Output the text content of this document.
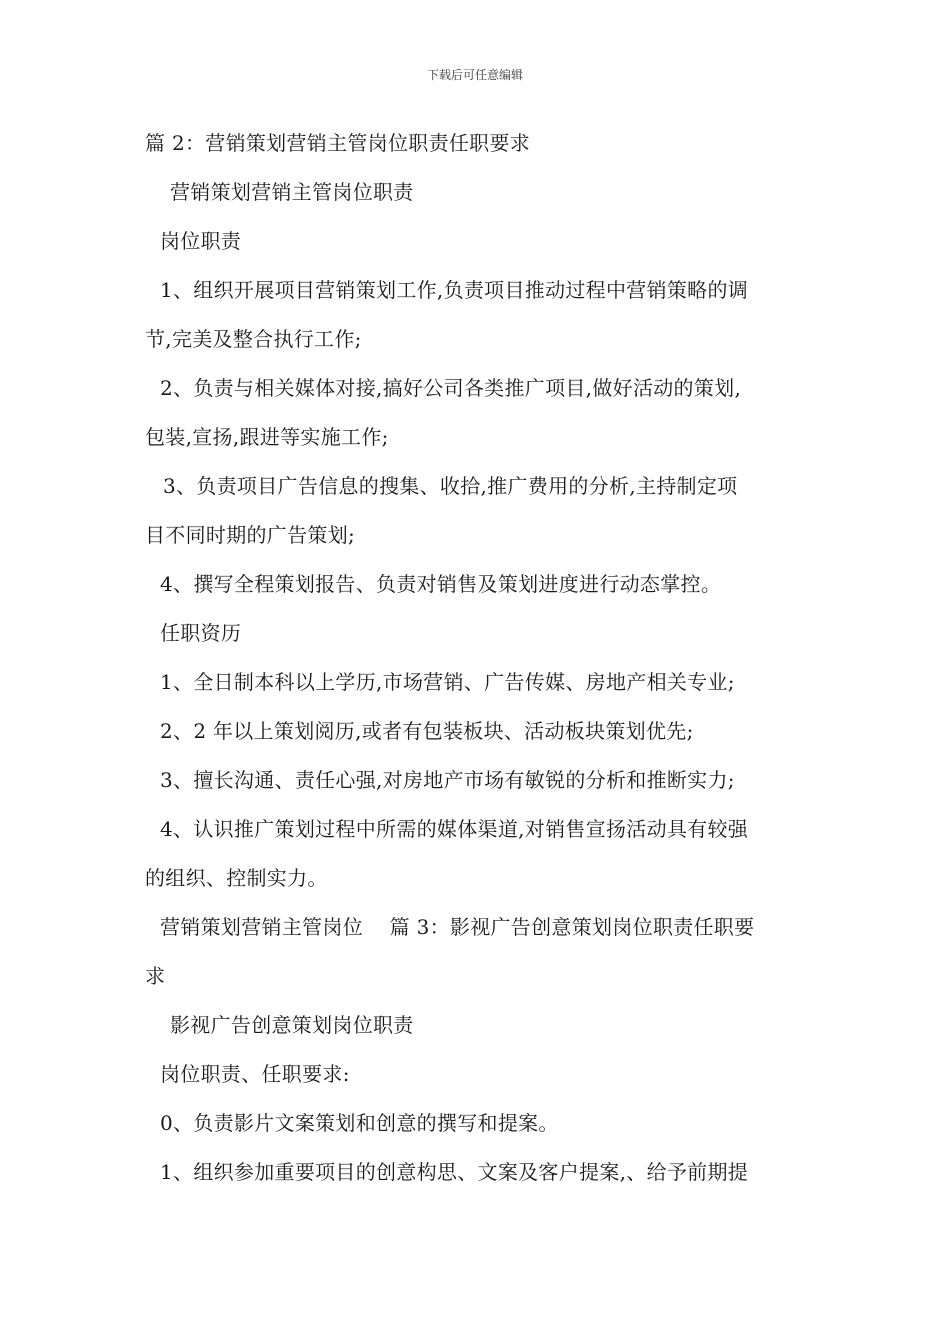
下载后可任意编辑
篇 2：营销策划营销主管岗位职责任职要求
营销策划营销主管岗位职责
岗位职责
1、组织开展项目营销策划工作,负责项目推动过程中营销策略的调
节,完美及整合执行工作;
2、负责与相关媒体对接,搞好公司各类推广项目,做好活动的策划,
包装,宣扬,跟进等实施工作;
3、负责项目广告信息的搜集、收拾,推广费用的分析,主持制定项
目不同时期的广告策划;
4、撰写全程策划报告、负责对销售及策划进度进行动态掌控。
任职资历
1、全日制本科以上学历,市场营销、广告传媒、房地产相关专业;
2、2 年以上策划阅历,或者有包装板块、活动板块策划优先;
3、擅长沟通、责任心强,对房地产市场有敏锐的分析和推断实力;
4、认识推广策划过程中所需的媒体渠道,对销售宣扬活动具有较强
的组织、控制实力。
营销策划营销主管岗位    篇 3：影视广告创意策划岗位职责任职要
求
影视广告创意策划岗位职责
岗位职责、任职要求:
0、负责影片文案策划和创意的撰写和提案。
1、组织参加重要项目的创意构思、文案及客户提案,、给予前期提
